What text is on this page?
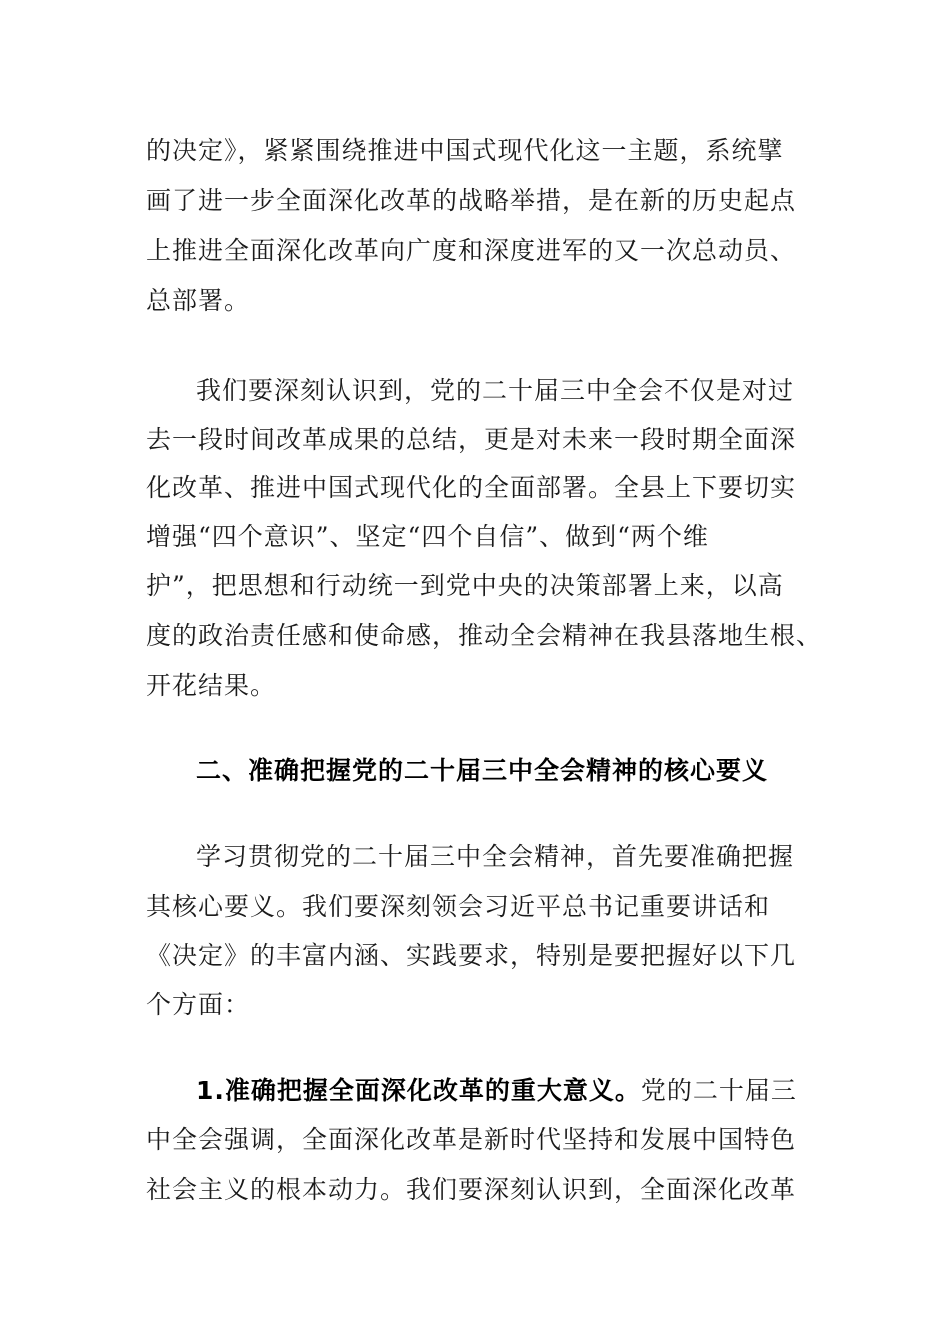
的决定》，紧紧围绕推进中国式现代化这一主题，系统擘
画了进一步全面深化改革的战略举措，是在新的历史起点
上推进全面深化改革向广度和深度进军的又一次总动员、
总部署。
我们要深刻认识到，党的二十届三中全会不仅是对过
去一段时间改革成果的总结，更是对未来一段时期全面深
化改革、推进中国式现代化的全面部署。全县上下要切实
增强“四个意识”、坚定“四个自信”、做到“两个维
护”，把思想和行动统一到党中央的决策部署上来，以高
度的政治责任感和使命感，推动全会精神在我县落地生根、
开花结果。
二、准确把握党的二十届三中全会精神的核心要义
学习贯彻党的二十届三中全会精神，首先要准确把握
其核心要义。我们要深刻领会习近平总书记重要讲话和
《决定》的丰富内涵、实践要求，特别是要把握好以下几
个方面：
1.准确把握全面深化改革的重大意义。党的二十届三
中全会强调，全面深化改革是新时代坚持和发展中国特色
社会主义的根本动力。我们要深刻认识到，全面深化改革
